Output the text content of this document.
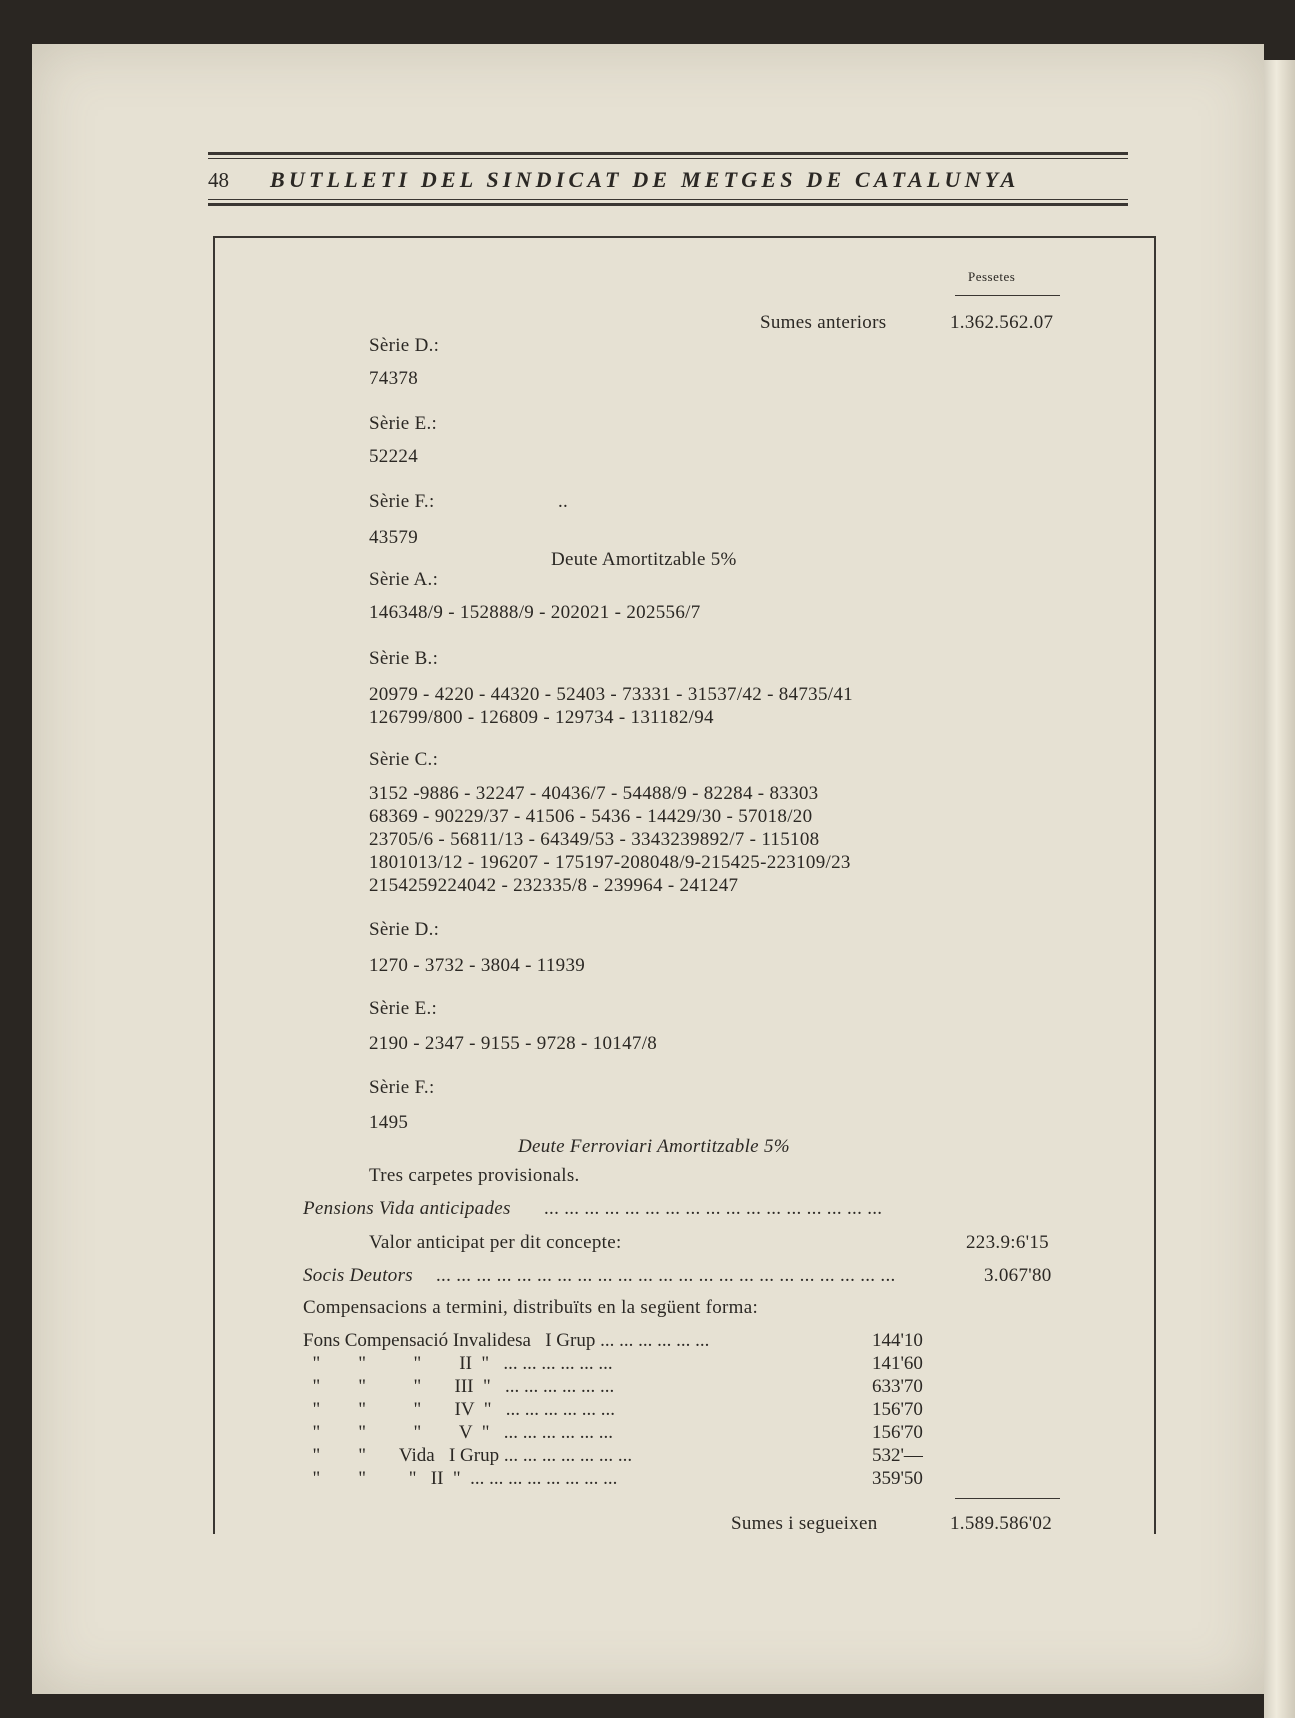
48 BUTLLETI DEL SINDICAT DE METGES DE CATALUNYA
Pessetes
Sumes anteriors	1.362.562.07
Sèrie D.:
74378
Sèrie E.:
52224
Sèrie F.:	..
43579
Deute Amortitzable 5%
Sèrie A.:
146348/9 - 152888/9 - 202021 - 202556/7
Sèrie B.:
20979 - 4220 - 44320 - 52403 - 73331 - 31537/42 - 84735/41
126799/800 - 126809 - 129734 - 131182/94
Sèrie C.:
3152 -9886 - 32247 - 40436/7 - 54488/9 - 82284 - 83303
68369 - 90229/37 - 41506 - 5436 - 14429/30 - 57018/20
23705/6 - 56811/13 - 64349/53 - 3343239892/7 - 115108
1801013/12 - 196207 - 175197-208048/9-215425-223109/23
2154259224042 - 232335/8 - 239964 - 241247
Sèrie D.:
1270 - 3732 - 3804 - 11939
Sèrie E.:
2190 - 2347 - 9155 - 9728 - 10147/8
Sèrie F.:
1495
Deute Ferroviari Amortitzable 5%
Tres carpetes provisionals.
Pensions Vida anticipades ... ... ... ... ... ... ... ... ... ... ... ... ... ... ... ... ...
Valor anticipat per dit concepte:	223.9:6'15
Socis Deutors ... ... ... ... ... ... ... ... ... ... ... ... ... ... ... ... ... ... ... ... ... ... ...	3.067'80
Compensacions a termini, distribuïts en la següent forma:
Fons Compensació Invalidesa   I Grup ... ... ... ... ... ...	144'10
"        "          "        II  "   ... ... ... ... ... ...	141'60
"        "          "       III  "   ... ... ... ... ... ...	633'70
"        "          "       IV  "   ... ... ... ... ... ...	156'70
"        "          "        V  "   ... ... ... ... ... ...	156'70
"        "       Vida   I Grup ... ... ... ... ... ... ...	532'—
"        "         "   II  "  ... ... ... ... ... ... ... ...	359'50
Sumes i segueixen	1.589.586'02
